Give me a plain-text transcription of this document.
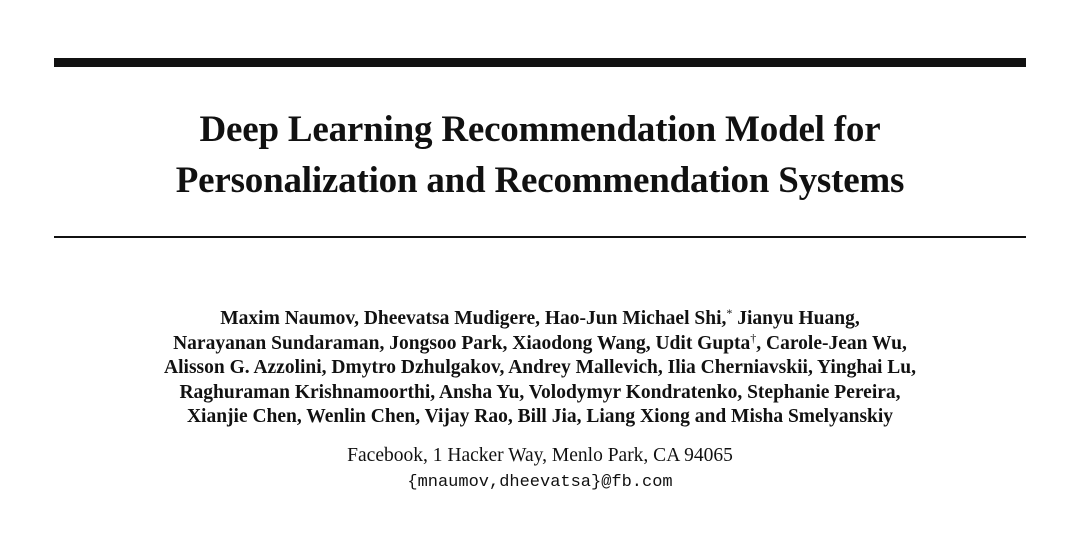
Deep Learning Recommendation Model for
Personalization and Recommendation Systems
Maxim Naumov, Dheevatsa Mudigere, Hao-Jun Michael Shi,* Jianyu Huang,
Narayanan Sundaraman, Jongsoo Park, Xiaodong Wang, Udit Gupta†, Carole-Jean Wu,
Alisson G. Azzolini, Dmytro Dzhulgakov, Andrey Mallevich, Ilia Cherniavskii, Yinghai Lu,
Raghuraman Krishnamoorthi, Ansha Yu, Volodymyr Kondratenko, Stephanie Pereira,
Xianjie Chen, Wenlin Chen, Vijay Rao, Bill Jia, Liang Xiong and Misha Smelyanskiy
Facebook, 1 Hacker Way, Menlo Park, CA 94065
{mnaumov,dheevatsa}@fb.com
